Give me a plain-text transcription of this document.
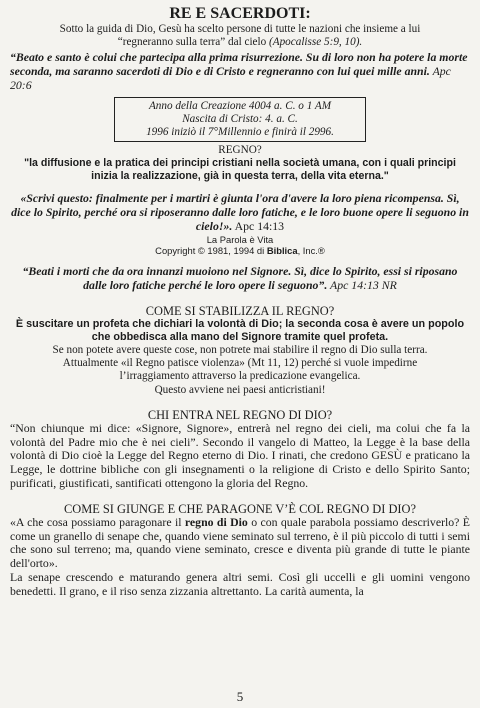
RE E SACERDOTI:
Sotto la guida di Dio, Gesù ha scelto persone di tutte le nazioni che insieme a lui
“regneranno sulla terra” dal cielo (Apocalisse 5:9, 10).

“Beato e santo è colui che partecipa alla prima risurrezione. Su di loro non ha potere la morte seconda, ma saranno sacerdoti di Dio e di Cristo e regneranno con lui quei mille anni. Apc 20:6

Anno della Creazione 4004 a. C. o 1 AM
Nascita di Cristo: 4. a. C.
1996 iniziò il 7°Millennio e finirà il 2996.
REGNO?

"la diffusione e la pratica dei principi cristiani nella società umana, con i quali principi inizia la realizzazione, già in questa terra, della vita eterna."

«Scrivi questo: finalmente per i martiri è giunta l'ora d'avere la loro piena ricompensa. Sì, dice lo Spirito, perché ora si riposeranno dalle loro fatiche, e le loro buone opere li seguono in cielo!». Apc 14:13

La Parola è Vita
Copyright © 1981, 1994 di Biblica, Inc.®

“Beati i morti che da ora innanzi muoiono nel Signore. Sì, dice lo Spirito, essi si riposano dalle loro fatiche perché le loro opere li seguono”. Apc 14:13 NR

COME SI STABILIZZA IL REGNO?

È suscitare un profeta che dichiari la volontà di Dio; la seconda cosa è avere un popolo che obbedisca alla mano del Signore tramite quel profeta.

Se non potete avere queste cose, non potrete mai stabilire il regno di Dio sulla terra.
Attualmente «il Regno patisce violenza» (Mt 11, 12) perché si vuole impedirne
l’irraggiamento attraverso la predicazione evangelica.
Questo avviene nei paesi anticristiani!
CHI ENTRA NEL REGNO DI DIO?

“Non chiunque mi dice: «Signore, Signore», entrerà nel regno dei cieli, ma colui che fa la volontà del Padre mio che è nei cieli”. Secondo il vangelo di Matteo, la Legge è la base della volontà di Dio cioè la Legge del Regno eterno di Dio. I rinati, che credono GESÙ e praticano la Legge, le dottrine bibliche con gli insegnamenti o la religione di Cristo e dello Spirito Santo; purificati, giustificati, santificati ottengono la gloria del Regno.

COME SI GIUNGE E CHE PARAGONE V’È COL REGNO DI DIO?

«A che cosa possiamo paragonare il regno di Dio o con quale parabola possiamo descriverlo? È come un granello di senape che, quando viene seminato sul terreno, è il più piccolo di tutti i semi che sono sul terreno; ma, quando viene seminato, cresce e diventa più grande di tutte le piante dell'orto».

La senape crescendo e maturando genera altri semi. Così gli uccelli e gli uomini vengono benedetti. Il grano, e il riso senza zizzania altrettanto. La carità aumenta, la

5
